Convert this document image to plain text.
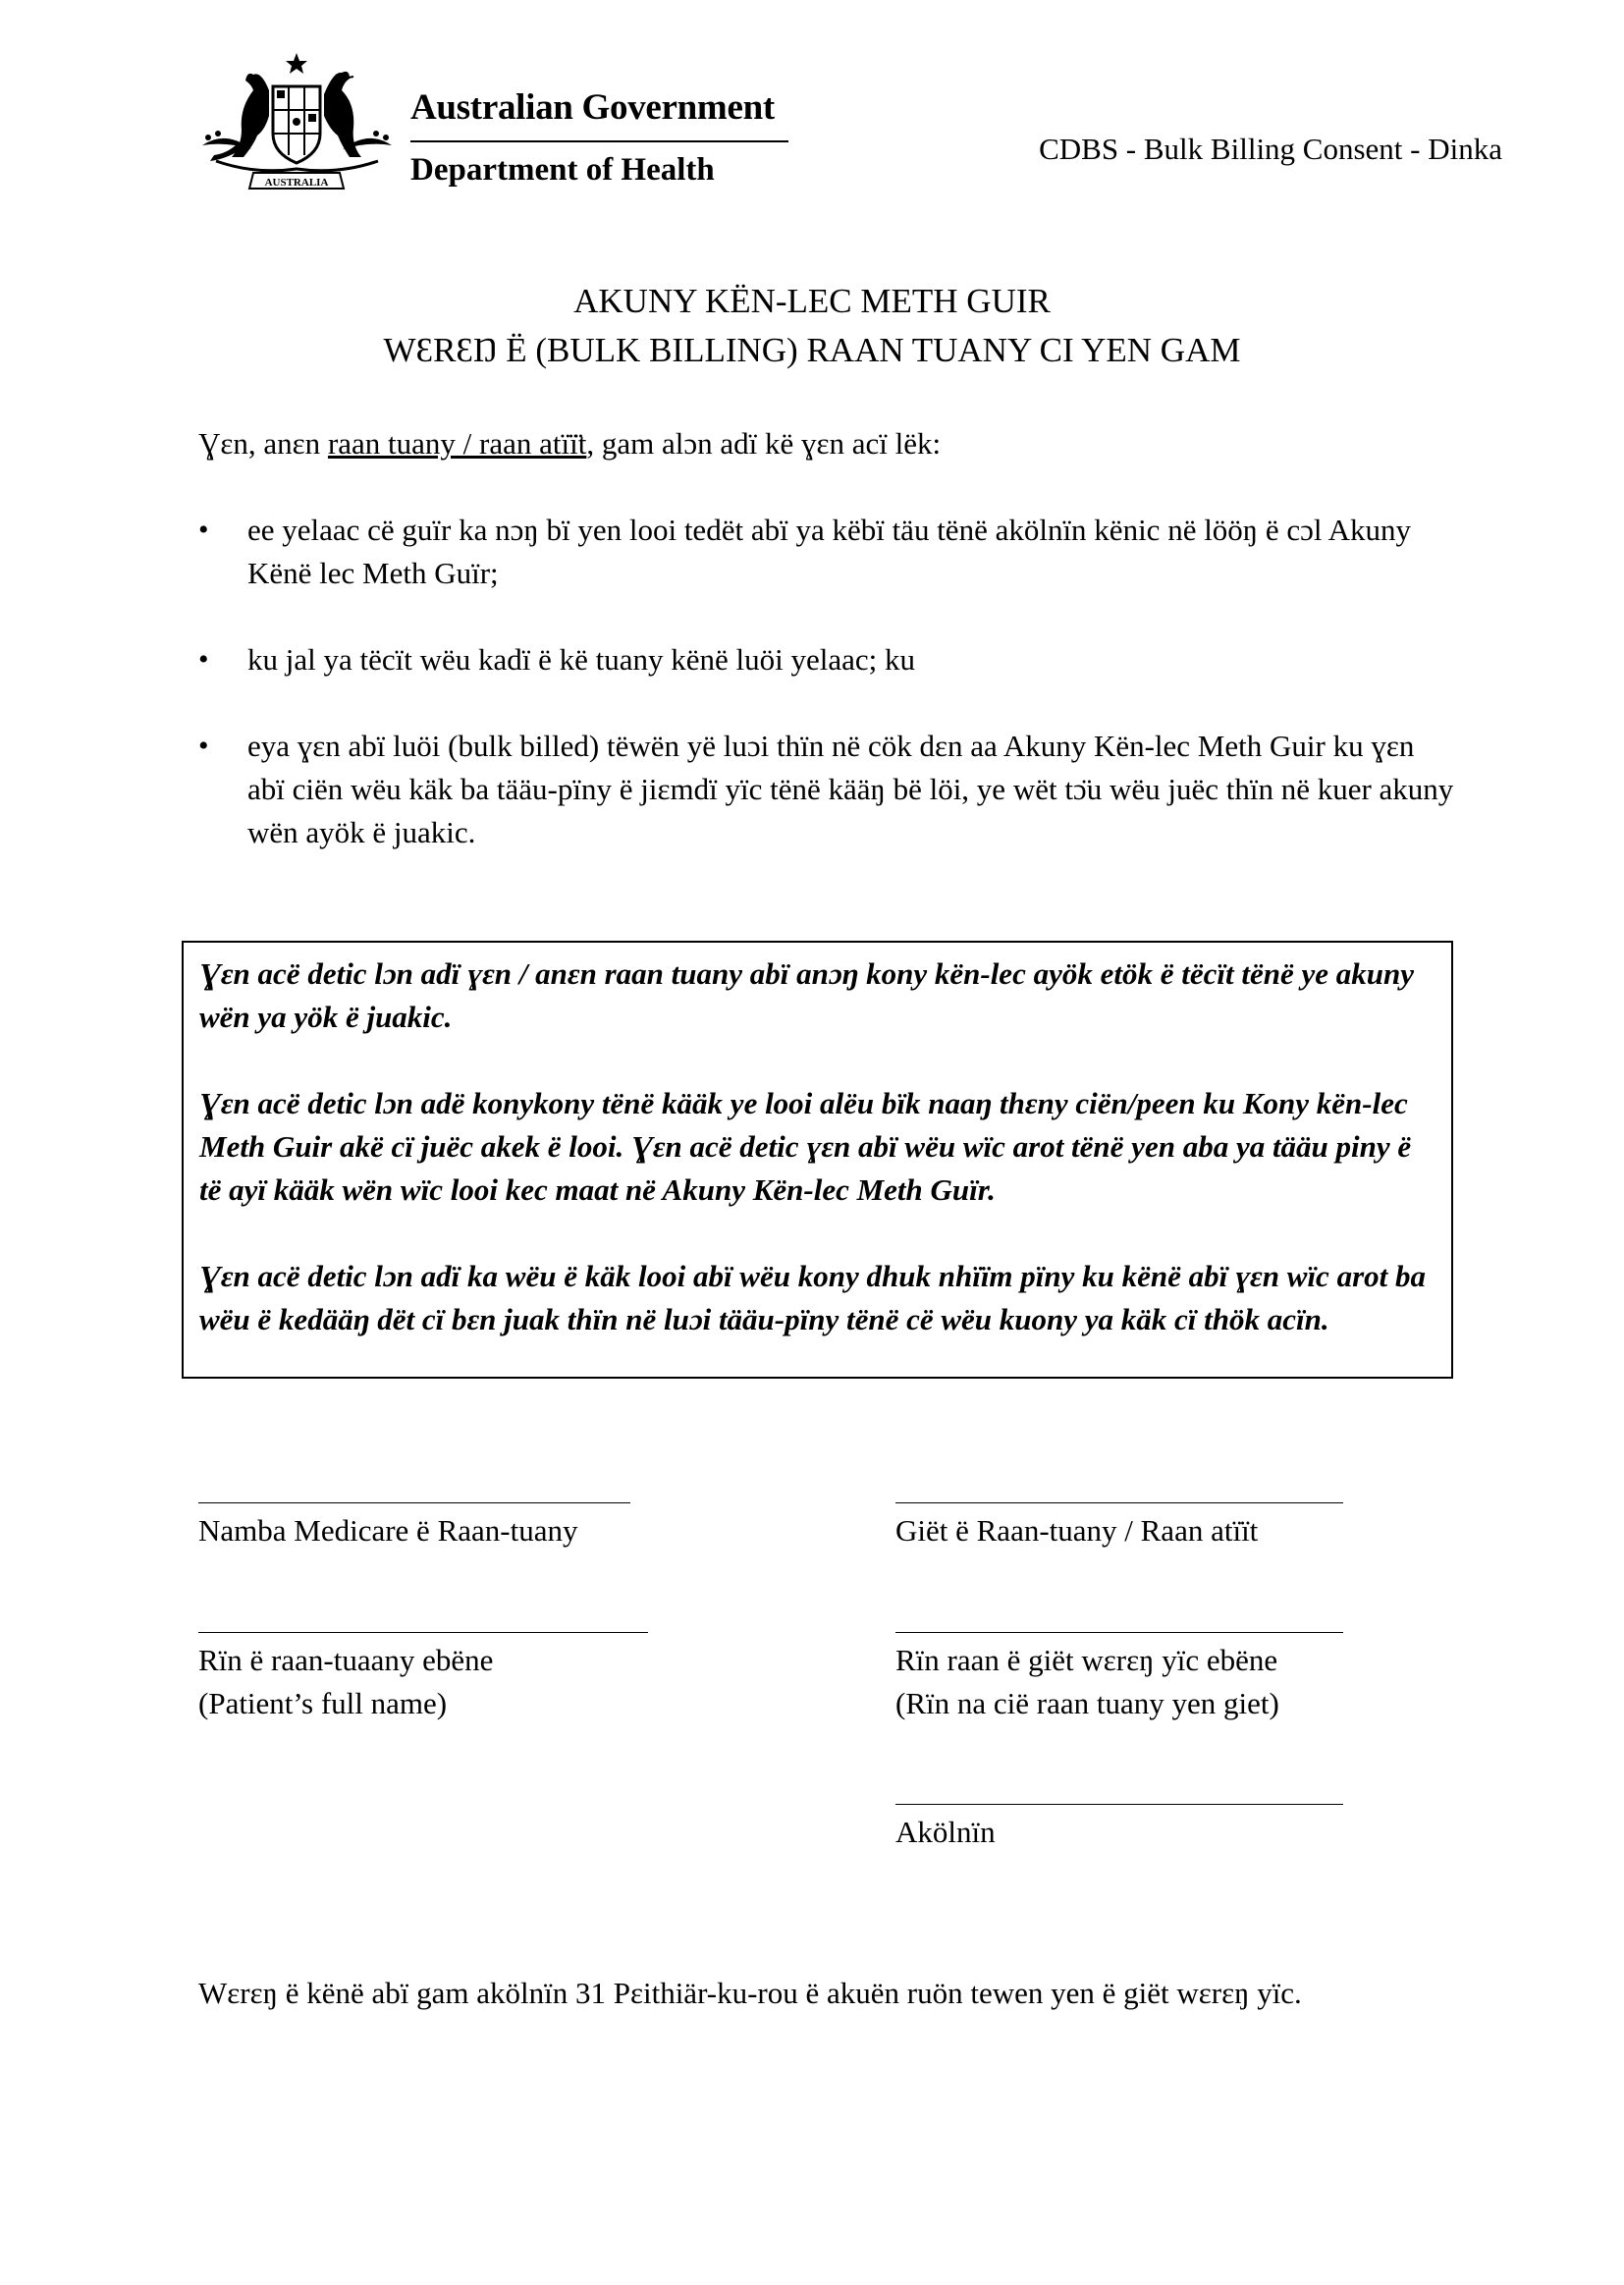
AUSTRALIA
Australian Government
Department of Health
CDBS - Bulk Billing Consent - Dinka
AKUNY KËN-LEC METH GUIR
WƐRƐŊ Ë (BULK BILLING) RAAN TUANY CI YEN GAM
Ɣɛn, anɛn raan tuany / raan atïï̈t, gam alɔn adï kë ɣɛn acï lëk:
• ee yelaac cë guïr ka nɔŋ bï yen looi tedët abï ya këbï täu tënë akölnïn kënic në lööŋ ë cɔl Akuny Kënë lec Meth Guïr;
• ku jal ya tëcït wëu kadï ë kë tuany kënë luöi yelaac; ku
• eya ɣɛn abï luöi (bulk billed) tëwën yë luɔi thïn në cök dɛn aa Akuny Kën-lec Meth Guir ku ɣɛn abï ciën wëu käk ba tääu-pïny ë jiɛmdï yïc tënë kääŋ bë löi, ye wët tɔ̈u wëu juëc thïn në kuer akuny wën ayök ë juakic.

Ɣɛn acë detic lɔn adï ɣɛn / anɛn raan tuany abï anɔŋ kony kën-lec ayök etök ë tëcït tënë ye akuny wën ya yök ë juakic.

Ɣɛn acë detic lɔn adë konykony tënë kääk ye looi alëu bïk naaŋ thɛny ciën/peen ku Kony kën-lec Meth Guir akë cï juëc akek ë looi. Ɣɛn acë detic ɣɛn abï wëu wïc arot tënë yen aba ya tääu piny ë të ayï kääk wën wïc looi kec maat në Akuny Kën-lec Meth Guïr.

Ɣɛn acë detic lɔn adï ka wëu ë käk looi abï wëu kony dhuk nhïïm pïny ku kënë abï ɣɛn wïc arot ba wëu ë kedääŋ dët cï bɛn juak thïn në luɔi tääu-pïny tënë cë wëu kuony ya käk cï thök acïn.

Namba Medicare ë Raan-tuany	Giët ë Raan-tuany / Raan atïït
Rïn ë raan-tuaany ebëne
(Patient’s full name)
Rïn raan ë giët wɛrɛŋ yïc ebëne
(Rïn na cië raan tuany yen giet)
Akölnïn
Wɛrɛŋ ë kënë abï gam akölnïn 31 Pɛithiär-ku-rou ë akuën ruön tewen yen ë giët wɛrɛŋ yïc.
